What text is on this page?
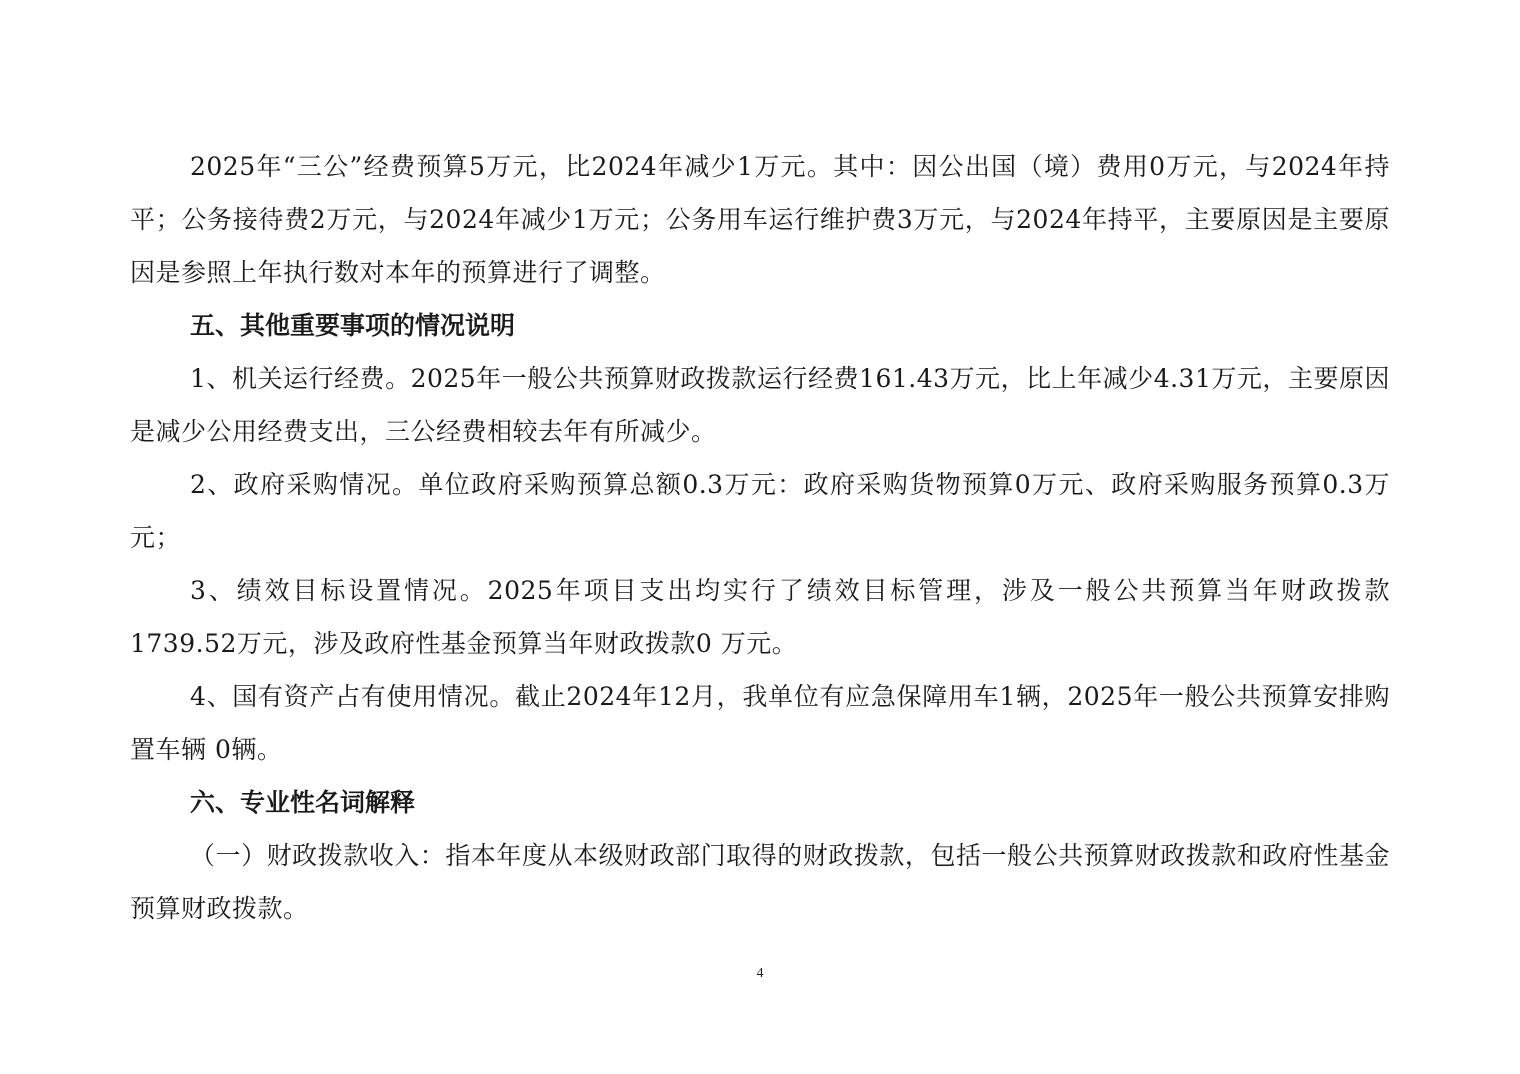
2025年“三公”经费预算5万元，比2024年减少1万元。其中：因公出国（境）费用0万元，与2024年持平；公务接待费2万元，与2024年减少1万元；公务用车运行维护费3万元，与2024年持平，主要原因是主要原因是参照上年执行数对本年的预算进行了调整。

五、其他重要事项的情况说明

1、机关运行经费。2025年一般公共预算财政拨款运行经费161.43万元，比上年减少4.31万元，主要原因是减少公用经费支出，三公经费相较去年有所减少。

2、政府采购情况。单位政府采购预算总额0.3万元：政府采购货物预算0万元、政府采购服务预算0.3万元；

3、绩效目标设置情况。2025年项目支出均实行了绩效目标管理，涉及一般公共预算当年财政拨款1739.52万元，涉及政府性基金预算当年财政拨款0 万元。

4、国有资产占有使用情况。截止2024年12月，我单位有应急保障用车1辆，2025年一般公共预算安排购置车辆 0辆。

六、专业性名词解释

（一）财政拨款收入：指本年度从本级财政部门取得的财政拨款，包括一般公共预算财政拨款和政府性基金预算财政拨款。

4
